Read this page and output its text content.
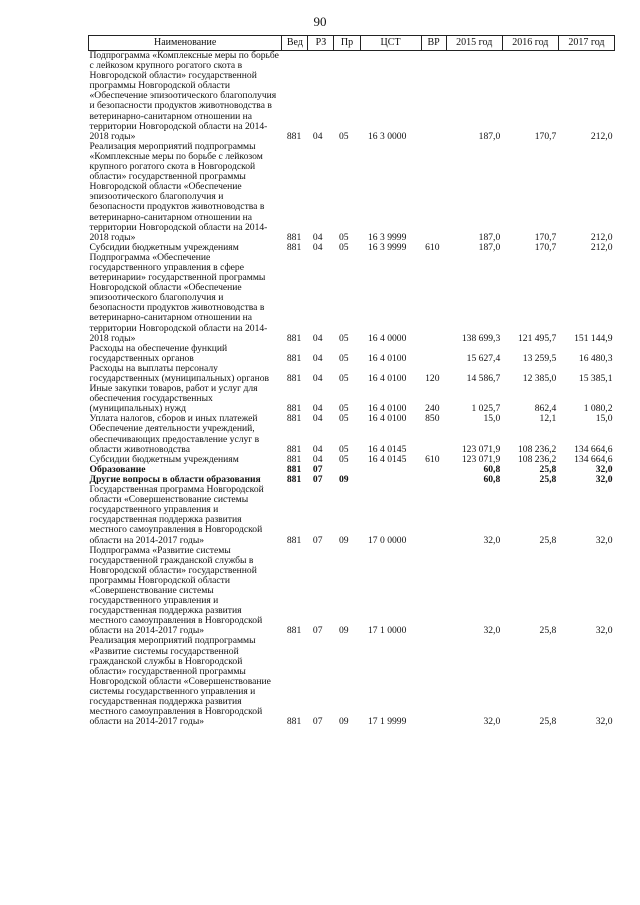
90
Наименование	Вед	РЗ	Пр	ЦСТ	ВР	2015 год	2016 год	2017 год
Подпрограмма «Комплексные меры по борьбе с лейкозом крупного рогатого скота в Новгородской области» государственной программы Новгородской области «Обеспечение эпизоотического благополучия и безопасности продуктов животноводства в ветеринарно-санитарном отношении на территории Новгородской области на 2014-2018 годы»	881	04	05	16 3 0000		187,0	170,7	212,0
Реализация мероприятий подпрограммы «Комплексные меры по борьбе с лейкозом крупного рогатого скота в Новгородской области» государственной программы Новгородской области «Обеспечение эпизоотического благополучия и безопасности продуктов животноводства в ветеринарно-санитарном отношении на территории Новгородской области на 2014-2018 годы»	881	04	05	16 3 9999		187,0	170,7	212,0
Субсидии бюджетным учреждениям	881	04	05	16 3 9999	610	187,0	170,7	212,0
Подпрограмма «Обеспечение государственного управления в сфере ветеринарии» государственной программы Новгородской области «Обеспечение эпизоотического благополучия и безопасности продуктов животноводства в ветеринарно-санитарном отношении на территории Новгородской области на 2014-2018 годы»	881	04	05	16 4 0000		138 699,3	121 495,7	151 144,9
Расходы на обеспечение функций государственных органов	881	04	05	16 4 0100		15 627,4	13 259,5	16 480,3
Расходы на выплаты персоналу государственных (муниципальных) органов	881	04	05	16 4 0100	120	14 586,7	12 385,0	15 385,1
Иные закупки товаров, работ и услуг для обеспечения государственных (муниципальных) нужд	881	04	05	16 4 0100	240	1 025,7	862,4	1 080,2
Уплата налогов, сборов и иных платежей	881	04	05	16 4 0100	850	15,0	12,1	15,0
Обеспечение деятельности учреждений, обеспечивающих предоставление услуг в области животноводства	881	04	05	16 4 0145		123 071,9	108 236,2	134 664,6
Субсидии бюджетным учреждениям	881	04	05	16 4 0145	610	123 071,9	108 236,2	134 664,6
Образование	881	07				60,8	25,8	32,0
Другие вопросы в области образования	881	07	09			60,8	25,8	32,0
Государственная программа Новгородской области «Совершенствование системы государственного управления и государственная поддержка развития местного самоуправления в Новгородской области на 2014-2017 годы»	881	07	09	17 0 0000		32,0	25,8	32,0
Подпрограмма «Развитие системы государственной гражданской службы в Новгородской области» государственной программы Новгородской области «Совершенствование системы государственного управления и государственная поддержка развития местного самоуправления в Новгородской области на 2014-2017 годы»	881	07	09	17 1 0000		32,0	25,8	32,0
Реализация мероприятий подпрограммы «Развитие системы государственной гражданской службы в Новгородской области» государственной программы Новгородской области «Совершенствование системы государственного управления и государственная поддержка развития местного самоуправления в Новгородской области на 2014-2017 годы»	881	07	09	17 1 9999		32,0	25,8	32,0
